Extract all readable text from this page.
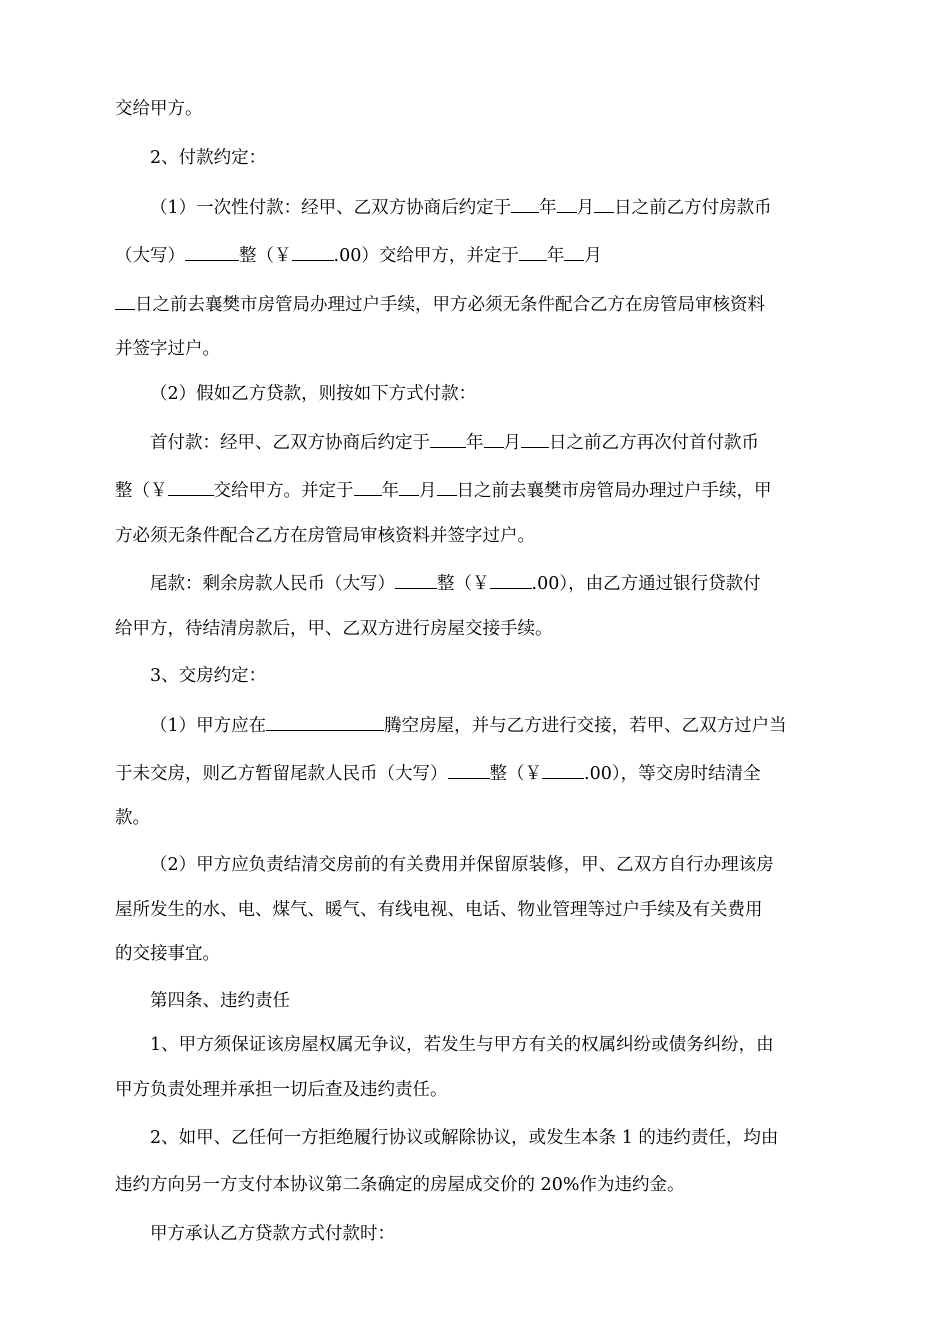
交给甲方。
2、付款约定：
（1）一次性付款：经甲、乙双方协商后约定于 年 月 日之前乙方付房款币
（大写）	整（￥ .00）交给甲方，并定于 年 月
日之前去襄樊市房管局办理过户手续，甲方必须无条件配合乙方在房管局审核资料
并签字过户。
（2）假如乙方贷款，则按如下方式付款：
首付款：经甲、乙双方协商后约定于 年 月 日之前乙方再次付首付款币
整（￥	交给甲方。并定于 年 月 日之前去襄樊市房管局办理过户手续，甲
方必须无条件配合乙方在房管局审核资料并签字过户。
尾款：剩余房款人民币（大写） 整（￥ .00），由乙方通过银行贷款付
给甲方，待结清房款后，甲、乙双方进行房屋交接手续。
3、交房约定：
（1）甲方应在	腾空房屋，并与乙方进行交接，若甲、乙双方过户当
于未交房，则乙方暂留尾款人民币（大写） 整（￥ .00），等交房时结清全
款。
（2）甲方应负责结清交房前的有关费用并保留原装修，甲、乙双方自行办理该房
屋所发生的水、电、煤气、暖气、有线电视、电话、物业管理等过户手续及有关费用
的交接事宜。
第四条、违约责任
1、甲方须保证该房屋权属无争议，若发生与甲方有关的权属纠纷或债务纠纷，由
甲方负责处理并承担一切后查及违约责任。
2、如甲、乙任何一方拒绝履行协议或解除协议，或发生本条 1 的违约责任，均由
违约方向另一方支付本协议第二条确定的房屋成交价的 20%作为违约金。
甲方承认乙方贷款方式付款时：
